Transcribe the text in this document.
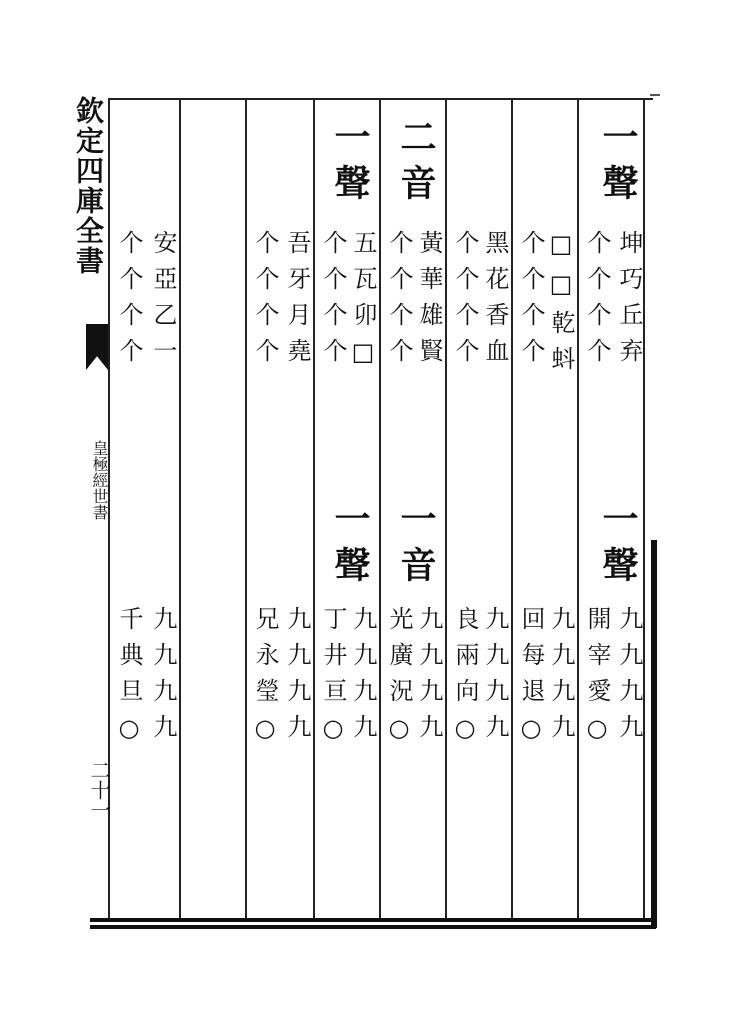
欽定四庫全書
皇極經世書
二十一
一聲
坤巧丘弃
个个个个
一聲
九九九九
開宰愛○
□□乾蚪
个个个个
九九九九
回每退○
黑花香血
个个个个
九九九九
良兩向○
二音
黃華雄賢
个个个个
一音
九九九九
光廣況○
一聲
五瓦卯□
个个个个
一聲
九九九九
丁井亘○
吾牙月堯
个个个个
九九九九
兄永瑩○
安亞乙一
个个个个
九九九九
千典旦○
